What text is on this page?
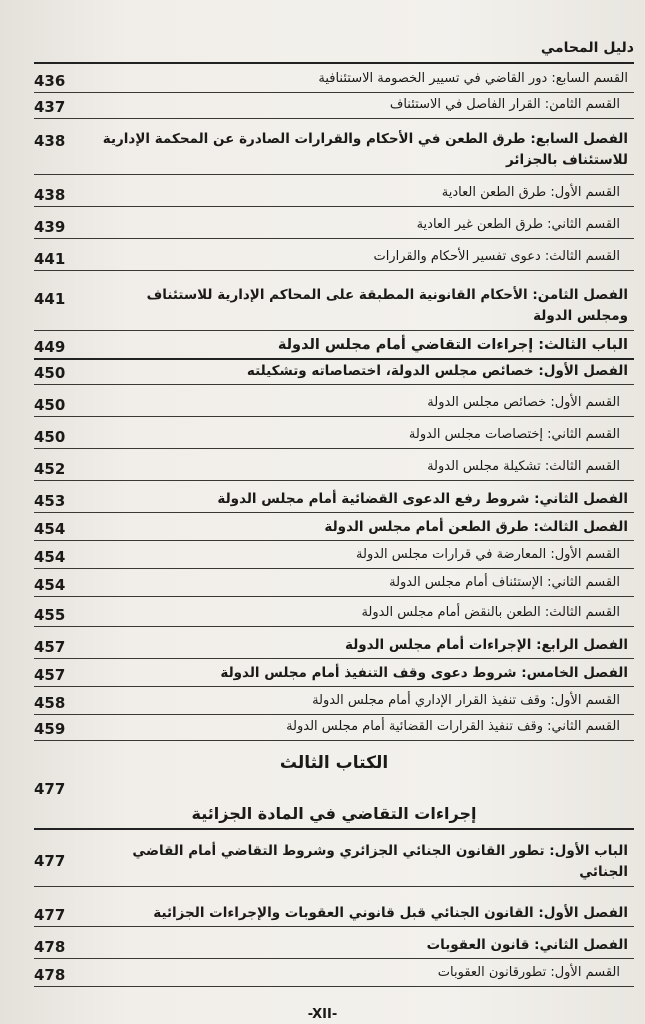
دليل المحامي
القسم السابع: دور القاضي في تسيير الخصومة الاستئنافية
436
القسم الثامن: القرار الفاصل في الاستئناف
437
الفصل السابع: طرق الطعن في الأحكام والقرارات الصادرة عن المحكمة الإدارية للاستئناف بالجزائر
438
القسم الأول: طرق الطعن العادية
438
القسم الثاني: طرق الطعن غير العادية
439
القسم الثالث: دعوى تفسير الأحكام والقرارات
441
الفصل الثامن: الأحكام القانونية المطبقة على المحاكم الإدارية للاستئناف ومجلس الدولة
441
الباب الثالث: إجراءات التقاضي أمام مجلس الدولة
449
الفصل الأول: خصائص مجلس الدولة، اختصاصاته وتشكيلته
450
القسم الأول: خصائص مجلس الدولة
450
القسم الثاني: إختصاصات مجلس الدولة
450
القسم الثالث: تشكيلة مجلس الدولة
452
الفصل الثاني: شروط رفع الدعوى القضائية أمام مجلس الدولة
453
الفصل الثالث: طرق الطعن أمام مجلس الدولة
454
القسم الأول: المعارضة في قرارات مجلس الدولة
454
القسم الثاني: الإستئناف أمام مجلس الدولة
454
القسم الثالث: الطعن بالنقض أمام مجلس الدولة
455
الفصل الرابع: الإجراءات أمام مجلس الدولة
457
الفصل الخامس: شروط دعوى وقف التنفيذ أمام مجلس الدولة
457
القسم الأول: وقف تنفيذ القرار الإداري أمام مجلس الدولة
458
القسم الثاني: وقف تنفيذ القرارات القضائية أمام مجلس الدولة
459
الكتاب الثالث
إجراءات التقاضي في المادة الجزائية
477
الباب الأول: تطور القانون الجنائي الجزائري وشروط التقاضي أمام القاضي الجنائي
477
الفصل الأول: القانون الجنائي قبل قانوني العقوبات والإجراءات الجزائية
477
الفصل الثاني: قانون العقوبات
478
القسم الأول: تطورقانون العقوبات
478
-XII-
